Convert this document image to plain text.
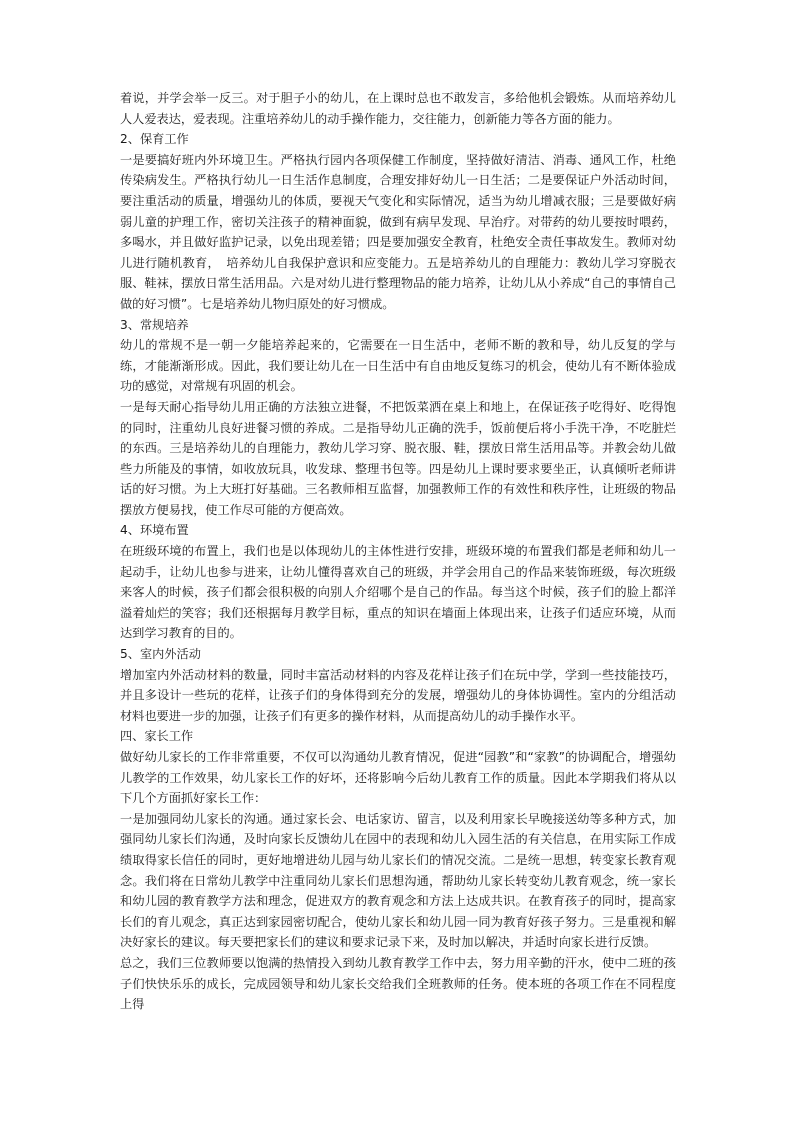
着说，并学会举一反三。对于胆子小的幼儿，在上课时总也不敢发言，多给他机会锻炼。从而培养幼儿人人爱表达，爱表现。注重培养幼儿的动手操作能力，交往能力，创新能力等各方面的能力。

2、保育工作

一是要搞好班内外环境卫生。严格执行园内各项保健工作制度，坚持做好清洁、消毒、通风工作，杜绝传染病发生。严格执行幼儿一日生活作息制度，合理安排好幼儿一日生活；二是要保证户外活动时间，要注重活动的质量，增强幼儿的体质，要视天气变化和实际情况，适当为幼儿增减衣服；三是要做好病弱儿童的护理工作，密切关注孩子的精神面貌，做到有病早发现、早治疗。对带药的幼儿要按时喂药，多喝水，并且做好监护记录，以免出现差错；四是要加强安全教育，杜绝安全责任事故发生。教师对幼儿进行随机教育，　培养幼儿自我保护意识和应变能力。五是培养幼儿的自理能力：教幼儿学习穿脱衣服、鞋袜，摆放日常生活用品。六是对幼儿进行整理物品的能力培养，让幼儿从小养成“自己的事情自己做的好习惯”。七是培养幼儿物归原处的好习惯成。

3、常规培养

幼儿的常规不是一朝一夕能培养起来的，它需要在一日生活中，老师不断的教和导，幼儿反复的学与练，才能渐渐形成。因此，我们要让幼儿在一日生活中有自由地反复练习的机会，使幼儿有不断体验成功的感觉，对常规有巩固的机会。

一是每天耐心指导幼儿用正确的方法独立进餐，不把饭菜洒在桌上和地上，在保证孩子吃得好、吃得饱的同时，注重幼儿良好进餐习惯的养成。二是指导幼儿正确的洗手，饭前便后将小手洗干净，不吃脏烂的东西。三是培养幼儿的自理能力，教幼儿学习穿、脱衣服、鞋，摆放日常生活用品等。并教会幼儿做些力所能及的事情，如收放玩具，收发球、整理书包等。四是幼儿上课时要求要坐正，认真倾听老师讲话的好习惯。为上大班打好基础。三名教师相互监督，加强教师工作的有效性和秩序性，让班级的物品摆放方便易找，使工作尽可能的方便高效。

4、环境布置

在班级环境的布置上，我们也是以体现幼儿的主体性进行安排，班级环境的布置我们都是老师和幼儿一起动手，让幼儿也参与进来，让幼儿懂得喜欢自己的班级，并学会用自己的作品来装饰班级，每次班级来客人的时候，孩子们都会很积极的向别人介绍哪个是自己的作品。每当这个时候，孩子们的脸上都洋溢着灿烂的笑容；我们还根据每月教学目标，重点的知识在墙面上体现出来，让孩子们适应环境，从而达到学习教育的目的。

5、室内外活动

增加室内外活动材料的数量，同时丰富活动材料的内容及花样让孩子们在玩中学，学到一些技能技巧，并且多设计一些玩的花样，让孩子们的身体得到充分的发展，增强幼儿的身体协调性。室内的分组活动材料也要进一步的加强，让孩子们有更多的操作材料，从而提高幼儿的动手操作水平。

四、家长工作

做好幼儿家长的工作非常重要，不仅可以沟通幼儿教育情况，促进“园教”和“家教”的协调配合，增强幼儿教学的工作效果，幼儿家长工作的好坏，还将影响今后幼儿教育工作的质量。因此本学期我们将从以下几个方面抓好家长工作：

一是加强同幼儿家长的沟通。通过家长会、电话家访、留言，以及利用家长早晚接送幼等多种方式，加强同幼儿家长们沟通，及时向家长反馈幼儿在园中的表现和幼儿入园生活的有关信息，在用实际工作成绩取得家长信任的同时，更好地增进幼儿园与幼儿家长们的情况交流。二是统一思想，转变家长教育观念。我们将在日常幼儿教学中注重同幼儿家长们思想沟通，帮助幼儿家长转变幼儿教育观念，统一家长和幼儿园的教育教学方法和理念，促进双方的教育观念和方法上达成共识。在教育孩子的同时，提高家长们的育儿观念，真正达到家园密切配合，使幼儿家长和幼儿园一同为教育好孩子努力。三是重视和解决好家长的建议。每天要把家长们的建议和要求记录下来，及时加以解决，并适时向家长进行反馈。

总之，我们三位教师要以饱满的热情投入到幼儿教育教学工作中去，努力用辛勤的汗水，使中二班的孩子们快快乐乐的成长，完成园领导和幼儿家长交给我们全班教师的任务。使本班的各项工作在不同程度上得
